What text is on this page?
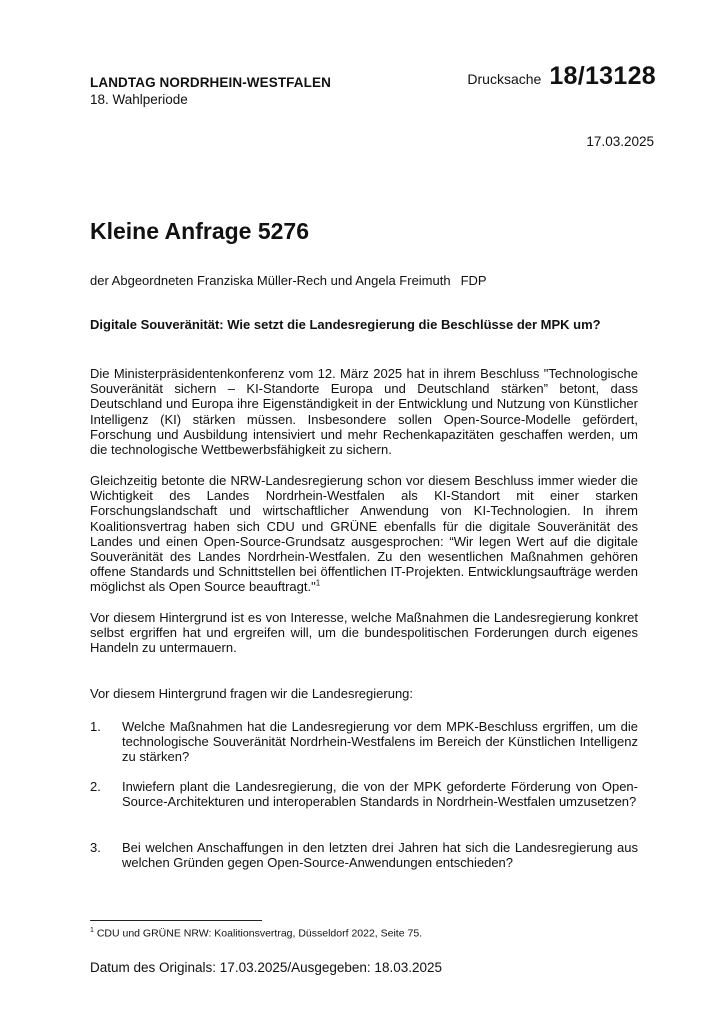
LANDTAG NORDRHEIN-WESTFALEN
18. Wahlperiode
Drucksache 18/13128
17.03.2025
Kleine Anfrage 5276
der Abgeordneten Franziska Müller-Rech und Angela Freimuth FDP
Digitale Souveränität: Wie setzt die Landesregierung die Beschlüsse der MPK um?

Die Ministerpräsidentenkonferenz vom 12. März 2025 hat in ihrem Beschluss "Technologische Souveränität sichern – KI-Standorte Europa und Deutschland stärken” betont, dass Deutschland und Europa ihre Eigenständigkeit in der Entwicklung und Nutzung von Künstlicher Intelligenz (KI) stärken müssen. Insbesondere sollen Open-Source-Modelle gefördert, Forschung und Ausbildung intensiviert und mehr Rechenkapazitäten geschaffen werden, um die technologische Wettbewerbsfähigkeit zu sichern.

Gleichzeitig betonte die NRW-Landesregierung schon vor diesem Beschluss immer wieder die Wichtigkeit des Landes Nordrhein-Westfalen als KI-Standort mit einer starken Forschungslandschaft und wirtschaftlicher Anwendung von KI-Technologien. In ihrem Koalitionsvertrag haben sich CDU und GRÜNE ebenfalls für die digitale Souveränität des Landes und einen Open-Source-Grundsatz ausgesprochen: “Wir legen Wert auf die digitale Souveränität des Landes Nordrhein-Westfalen. Zu den wesentlichen Maßnahmen gehören offene Standards und Schnittstellen bei öffentlichen IT-Projekten. Entwicklungsaufträge werden möglichst als Open Source beauftragt."$^1$

Vor diesem Hintergrund ist es von Interesse, welche Maßnahmen die Landesregierung konkret selbst ergriffen hat und ergreifen will, um die bundespolitischen Forderungen durch eigenes Handeln zu untermauern.

Vor diesem Hintergrund fragen wir die Landesregierung:

1.	Welche Maßnahmen hat die Landesregierung vor dem MPK-Beschluss ergriffen, um die technologische Souveränität Nordrhein-Westfalens im Bereich der Künstlichen Intelligenz zu stärken?
2.	Inwiefern plant die Landesregierung, die von der MPK geforderte Förderung von Open-Source-Architekturen und interoperablen Standards in Nordrhein-Westfalen umzusetzen?
3.	Bei welchen Anschaffungen in den letzten drei Jahren hat sich die Landesregierung aus welchen Gründen gegen Open-Source-Anwendungen entschieden?
$^1$ CDU und GRÜNE NRW: Koalitionsvertrag, Düsseldorf 2022, Seite 75.
Datum des Originals: 17.03.2025/Ausgegeben: 18.03.2025
